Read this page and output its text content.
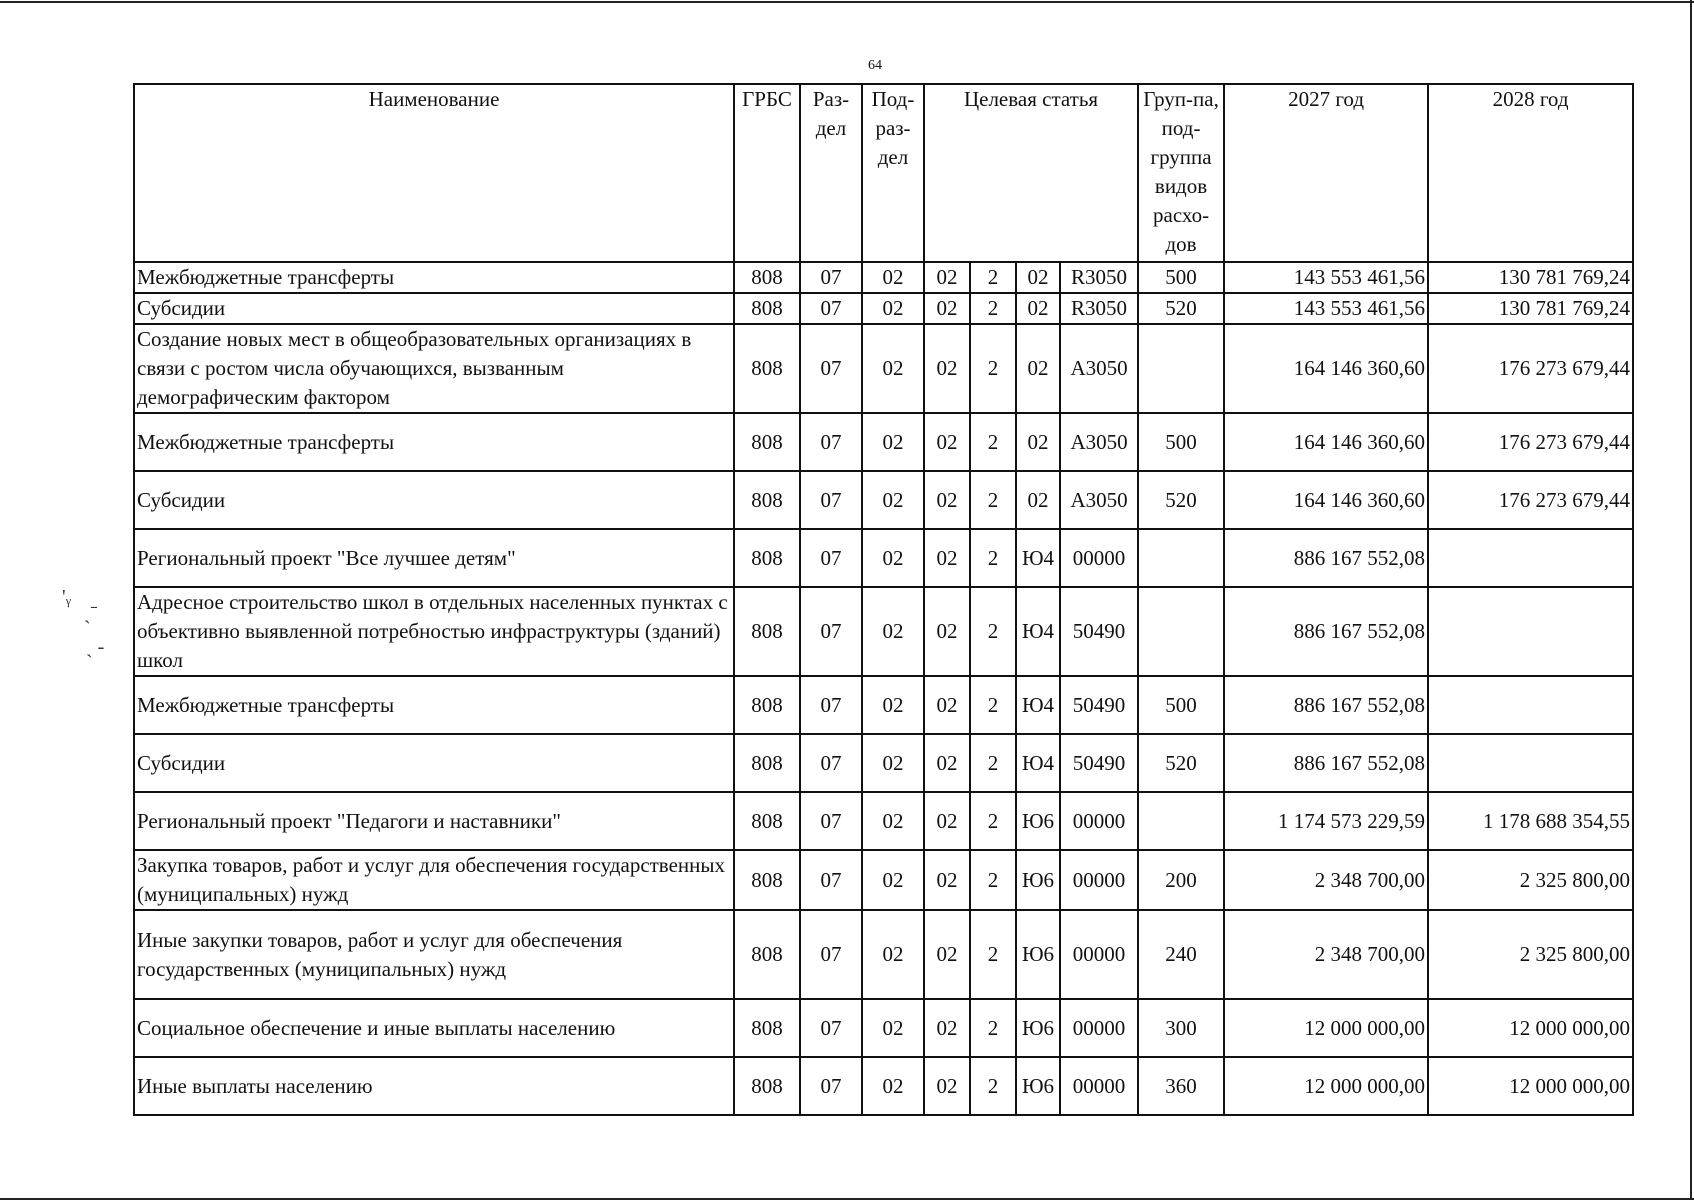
64
'ᵧ
ˎˉ
ˎ -
Наименование	ГРБС	Раз-дел	Под-раз-дел	Целевая статья				Груп-па, под-группа видов расхо-дов	2027 год	2028 год
Межбюджетные трансферты	808	07	02	02	2	02	R3050	500	143 553 461,56	130 781 769,24
Субсидии	808	07	02	02	2	02	R3050	520	143 553 461,56	130 781 769,24
Создание новых мест в общеобразовательных организациях в связи с ростом числа обучающихся, вызванным демографическим фактором	808	07	02	02	2	02	А3050		164 146 360,60	176 273 679,44
Межбюджетные трансферты	808	07	02	02	2	02	А3050	500	164 146 360,60	176 273 679,44
Субсидии	808	07	02	02	2	02	А3050	520	164 146 360,60	176 273 679,44
Региональный проект "Все лучшее детям"	808	07	02	02	2	Ю4	00000		886 167 552,08	
Адресное строительство школ в отдельных населенных пунктах с объективно выявленной потребностью инфраструктуры (зданий) школ	808	07	02	02	2	Ю4	50490		886 167 552,08	
Межбюджетные трансферты	808	07	02	02	2	Ю4	50490	500	886 167 552,08	
Субсидии	808	07	02	02	2	Ю4	50490	520	886 167 552,08	
Региональный проект "Педагоги и наставники"	808	07	02	02	2	Ю6	00000		1 174 573 229,59	1 178 688 354,55
Закупка товаров, работ и услуг для обеспечения государственных (муниципальных) нужд	808	07	02	02	2	Ю6	00000	200	2 348 700,00	2 325 800,00
Иные закупки товаров, работ и услуг для обеспечения государственных (муниципальных) нужд	808	07	02	02	2	Ю6	00000	240	2 348 700,00	2 325 800,00
Социальное обеспечение и иные выплаты населению	808	07	02	02	2	Ю6	00000	300	12 000 000,00	12 000 000,00
Иные выплаты населению	808	07	02	02	2	Ю6	00000	360	12 000 000,00	12 000 000,00
